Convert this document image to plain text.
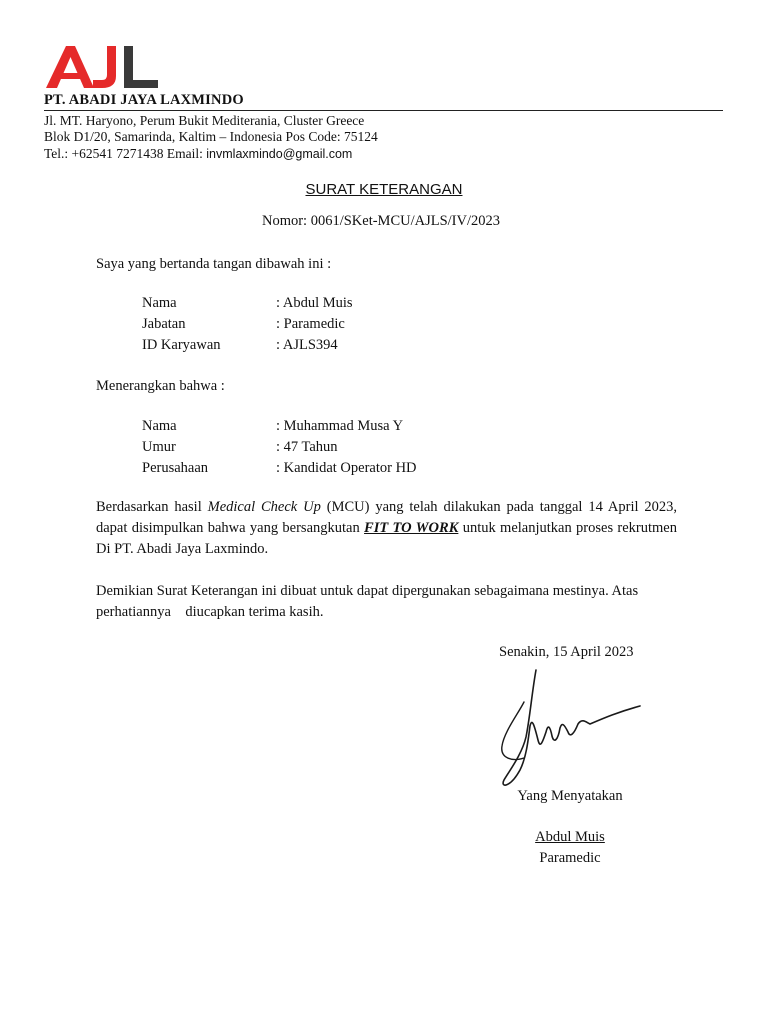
PT. ABADI JAYA LAXMINDO
Jl. MT. Haryono, Perum Bukit Mediterania, Cluster Greece
Blok D1/20, Samarinda, Kaltim – Indonesia Pos Code: 75124
Tel.: +62541 7271438 Email: invmlaxmindo@gmail.com
SURAT KETERANGAN
Nomor: 0061/SKet-MCU/AJLS/IV/2023
Saya yang bertanda tangan dibawah ini :
Nama	: Abdul Muis
Jabatan	: Paramedic
ID Karyawan	: AJLS394
Menerangkan bahwa :
Nama	: Muhammad Musa Y
Umur	: 47 Tahun
Perusahaan	: Kandidat Operator HD

Berdasarkan hasil Medical Check Up (MCU) yang telah dilakukan pada tanggal 14 April 2023, dapat disimpulkan bahwa yang bersangkutan FIT TO WORK untuk melanjutkan proses rekrutmen Di PT. Abadi Jaya Laxmindo.

Demikian Surat Keterangan ini dibuat untuk dapat dipergunakan sebagaimana mestinya. Atas
perhatiannya    diucapkan terima kasih.
Senakin, 15 April 2023
Yang Menyatakan
Abdul Muis
Paramedic
